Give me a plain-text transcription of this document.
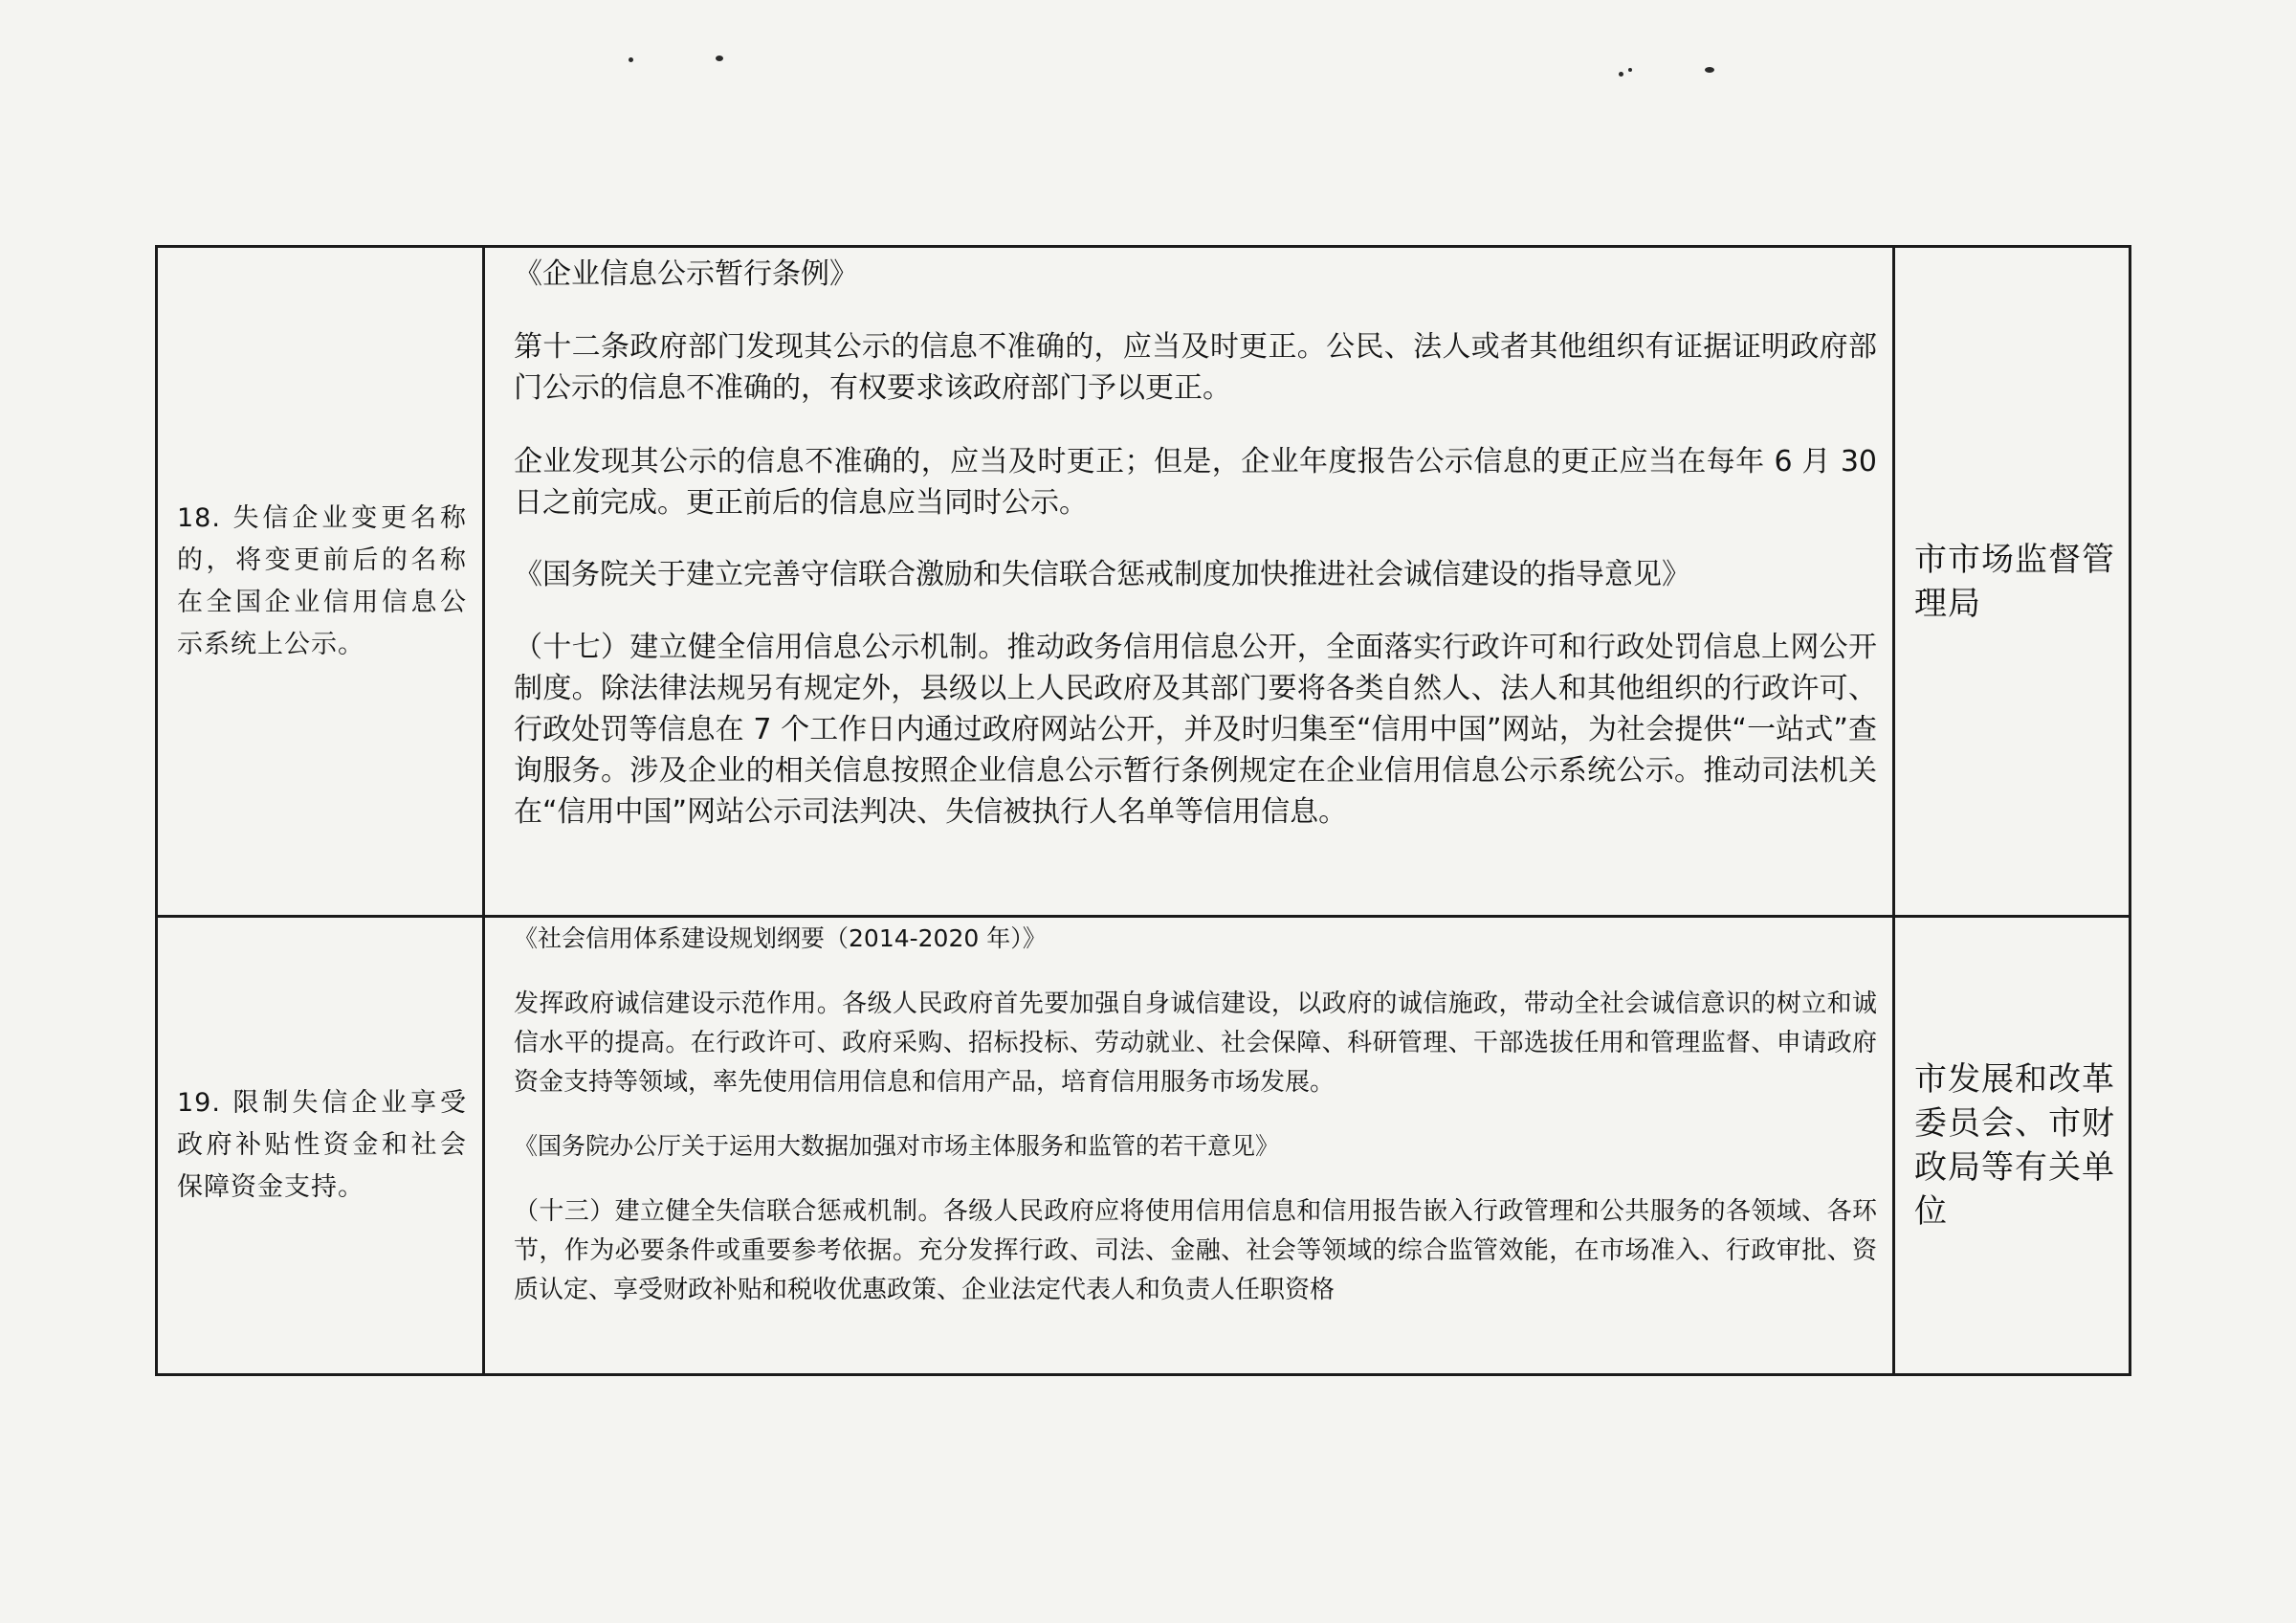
18. 失信企业变更名称的，将变更前后的名称在全国企业信用信息公示系统上公示。

《企业信息公示暂行条例》

第十二条政府部门发现其公示的信息不准确的，应当及时更正。公民、法人或者其他组织有证据证明政府部门公示的信息不准确的，有权要求该政府部门予以更正。

企业发现其公示的信息不准确的，应当及时更正；但是，企业年度报告公示信息的更正应当在每年 6 月 30 日之前完成。更正前后的信息应当同时公示。

《国务院关于建立完善守信联合激励和失信联合惩戒制度加快推进社会诚信建设的指导意见》

（十七）建立健全信用信息公示机制。推动政务信用信息公开，全面落实行政许可和行政处罚信息上网公开制度。除法律法规另有规定外，县级以上人民政府及其部门要将各类自然人、法人和其他组织的行政许可、行政处罚等信息在 7 个工作日内通过政府网站公开，并及时归集至“信用中国”网站，为社会提供“一站式”查询服务。涉及企业的相关信息按照企业信息公示暂行条例规定在企业信用信息公示系统公示。推动司法机关在“信用中国”网站公示司法判决、失信被执行人名单等信用信息。

市市场监督管理局

19. 限制失信企业享受政府补贴性资金和社会保障资金支持。

《社会信用体系建设规划纲要（2014-2020 年）》

发挥政府诚信建设示范作用。各级人民政府首先要加强自身诚信建设，以政府的诚信施政，带动全社会诚信意识的树立和诚信水平的提高。在行政许可、政府采购、招标投标、劳动就业、社会保障、科研管理、干部选拔任用和管理监督、申请政府资金支持等领域，率先使用信用信息和信用产品，培育信用服务市场发展。

《国务院办公厅关于运用大数据加强对市场主体服务和监管的若干意见》

（十三）建立健全失信联合惩戒机制。各级人民政府应将使用信用信息和信用报告嵌入行政管理和公共服务的各领域、各环节，作为必要条件或重要参考依据。充分发挥行政、司法、金融、社会等领域的综合监管效能，在市场准入、行政审批、资质认定、享受财政补贴和税收优惠政策、企业法定代表人和负责人任职资格

市发展和改革委员会、市财政局等有关单位
